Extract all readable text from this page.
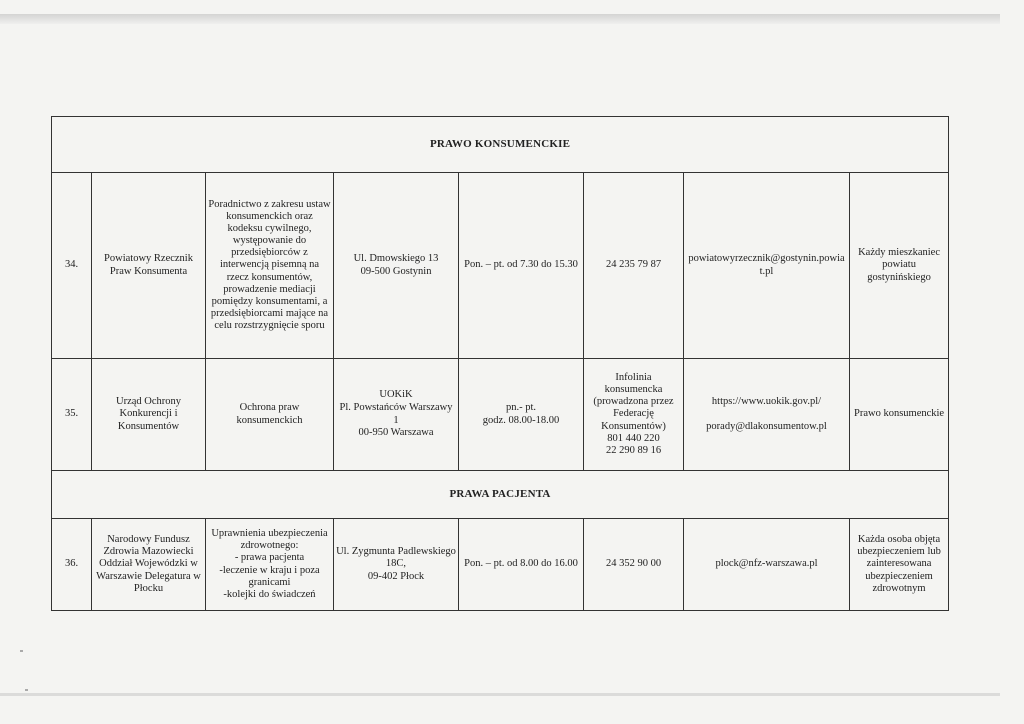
PRAWO KONSUMENCKIE							
34.	Powiatowy Rzecznik Praw Konsumenta	Poradnictwo z zakresu ustaw konsumenckich oraz kodeksu cywilnego, występowanie do przedsiębiorców z interwencją pisemną na rzecz konsumentów, prowadzenie mediacji pomiędzy konsumentami, a przedsiębiorcami mające na celu rozstrzygnięcie sporu	Ul. Dmowskiego 13
09-500 Gostynin	Pon. – pt. od 7.30 do 15.30	24 235 79 87	powiatowyrzecznik@gostynin.powiat.pl	Każdy mieszkaniec powiatu gostynińskiego
35.	Urząd Ochrony Konkurencji i Konsumentów	Ochrona praw konsumenckich	UOKiK
Pl. Powstańców Warszawy 1
00-950 Warszawa	pn.- pt.
godz. 08.00-18.00	Infolinia konsumencka (prowadzona przez Federację Konsumentów)
801 440 220
22 290 89 16	https://www.uokik.gov.pl/

porady@dlakonsumentow.pl	Prawo konsumenckie
PRAWA PACJENTA							
36.	Narodowy Fundusz Zdrowia Mazowiecki Oddział Wojewódzki w Warszawie Delegatura w Płocku	Uprawnienia ubezpieczenia zdrowotnego:
- prawa pacjenta
-leczenie w kraju i poza granicami
-kolejki do świadczeń	Ul. Zygmunta Padlewskiego 18C,
09-402 Płock	Pon. – pt. od 8.00 do 16.00	24 352 90 00	plock@nfz-warszawa.pl	Każda osoba objęta ubezpieczeniem lub zainteresowana ubezpieczeniem zdrowotnym
